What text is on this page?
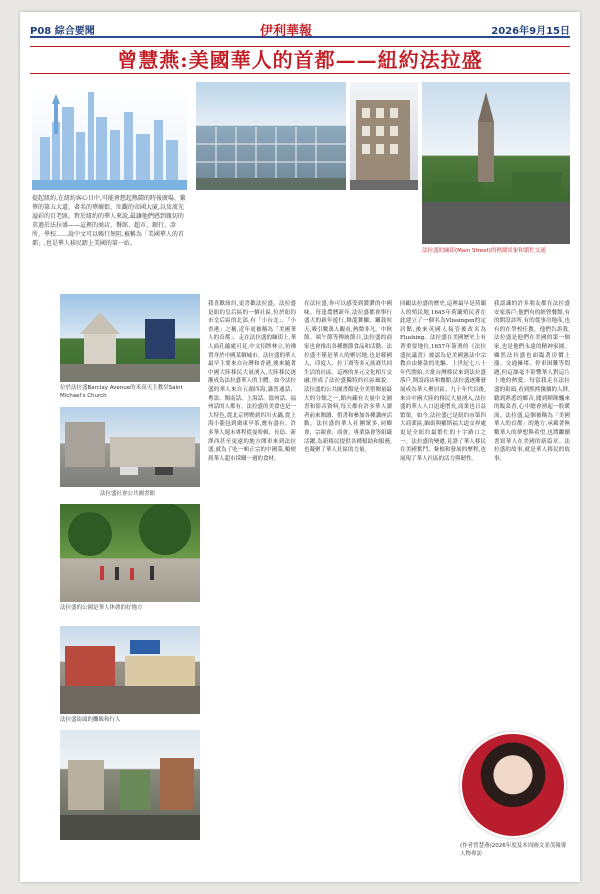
P08 綜合要聞	伊利華報	2026年9月15日
曾慧燕:美國華人的首都——紐約法拉盛
提起紐約,在紐約客心目中,可能會想起熱鬧的時報廣場、繁華的第五大道、著名的華爾街、壯觀的帝國大廈,以及流光溢彩的百老匯。對於紐約的華人來說,最讓他們感到親切的莫過於法拉盛——這裡的商店、餐館、超市、銀行、診所、學校……說中文可以暢行無阻,被稱為「美國華人的首都」,也是華人移民踏上美國的第一站。
法拉盛的緬街(Main Street)的熱鬧景象和繁忙交通
位於法拉盛Barclay Avenue的米高天主教堂Saint Michael's Church
法拉盛社會公共圖書館
法拉盛的公園是華人休憩的好地方
法拉盛街頭的攤販和行人
我喜歡紐約,更喜歡法拉盛。法拉盛是紐約皇后區的一個社區,位於紐約市皇后區的北部,有「小台北」、「小香港」之稱,近年更被稱為「美國華人的首都」。走在法拉盛的緬街上,華人面孔隨處可見,中文招牌林立,彷彿置身於中國某個城市。法拉盛的華人最早主要來自台灣和香港,後來隨著中國大陸移民大量湧入,大陸移民逐漸成為法拉盛華人的主體。如今法拉盛的華人來自五湖四海,講普通話、粵語、閩南話、上海話、溫州話、福州話的人都有。法拉盛的美食也是一大特色,從北京烤鴨到四川火鍋,從上海小籠包到廣東早茶,應有盡有。許多華人週末專程從曼哈頓、長島、新澤西甚至更遠的地方開車來到法拉盛,就為了吃一頓正宗的中國菜,順便到華人超市採購一週的食材。
在法拉盛,你可以感受到濃濃的中國味。每逢農曆新年,法拉盛都會舉行盛大的新年遊行,舞龍舞獅、鑼鼓喧天,吸引數萬人觀看,熱鬧非凡。中秋節、端午節等傳統節日,法拉盛的商家也會推出各種應節食品和活動。法拉盛不僅是華人的聚居地,也是韓國人、印度人、拉丁裔等多元族裔共同生活的社區。這裡的多元文化相互交融,形成了法拉盛獨特的社區風貌。法拉盛的公共圖書館是全美借閱量最大的分館之一,館內藏有大量中文圖書和影音資料,每天都有許多華人讀者前來閱讀、借書和參加各種講座活動。法拉盛的華人社團眾多,同鄉會、宗親會、商會、專業協會等組織活躍,為新移民提供各種幫助和服務,也凝聚了華人社區的力量。
回顧法拉盛的歷史,這裡最早是荷蘭人的殖民地,1645年荷蘭殖民者在此建立了一個名為Vlissingen的定居點,後來英國人接管後改名為Flushing。法拉盛在美國歷史上有著重要地位,1657年簽署的《法拉盛抗議書》被認為是美國憲法中宗教自由條款的先驅。上世紀七八十年代開始,大批台灣移民來到法拉盛落戶,開設商店和餐館,法拉盛逐漸發展成為華人聚居區。九十年代以後,來自中國大陸的移民大量湧入,法拉盛的華人人口迅速增長,商業也日益繁榮。如今,法拉盛已是紐約市第四大商業區,緬街與羅斯福大道交界處更是全紐約最繁忙的十字路口之一。法拉盛的變遷,見證了華人移民在美國奮鬥、紮根和發展的歷程,也展現了華人社區的活力與韌性。
我認識的許多朋友都在法拉盛安家落戶,他們有的經營餐館,有的開設診所,有的從事房地產,也有的在學校任教。他們告訴我,法拉盛是他們在美國的第一個家,也是他們永遠的精神家園。雖然法拉盛也面臨著房價上漲、交通擁堵、停車困難等問題,但這絲毫不影響華人對這片土地的熱愛。每當我走在法拉盛的街頭,看到熙熙攘攘的人群,聽到熟悉的鄉音,聞到陣陣飄來的飯菜香,心中總會湧起一股暖流。法拉盛,這個被稱為「美國華人的首都」的地方,承載著無數華人的夢想與希望,也將繼續書寫華人在美國的新篇章。法拉盛的故事,就是華人移民的故事。
(作者曾慧燕)2026年度及本周圖文並茂報導人物專訪
